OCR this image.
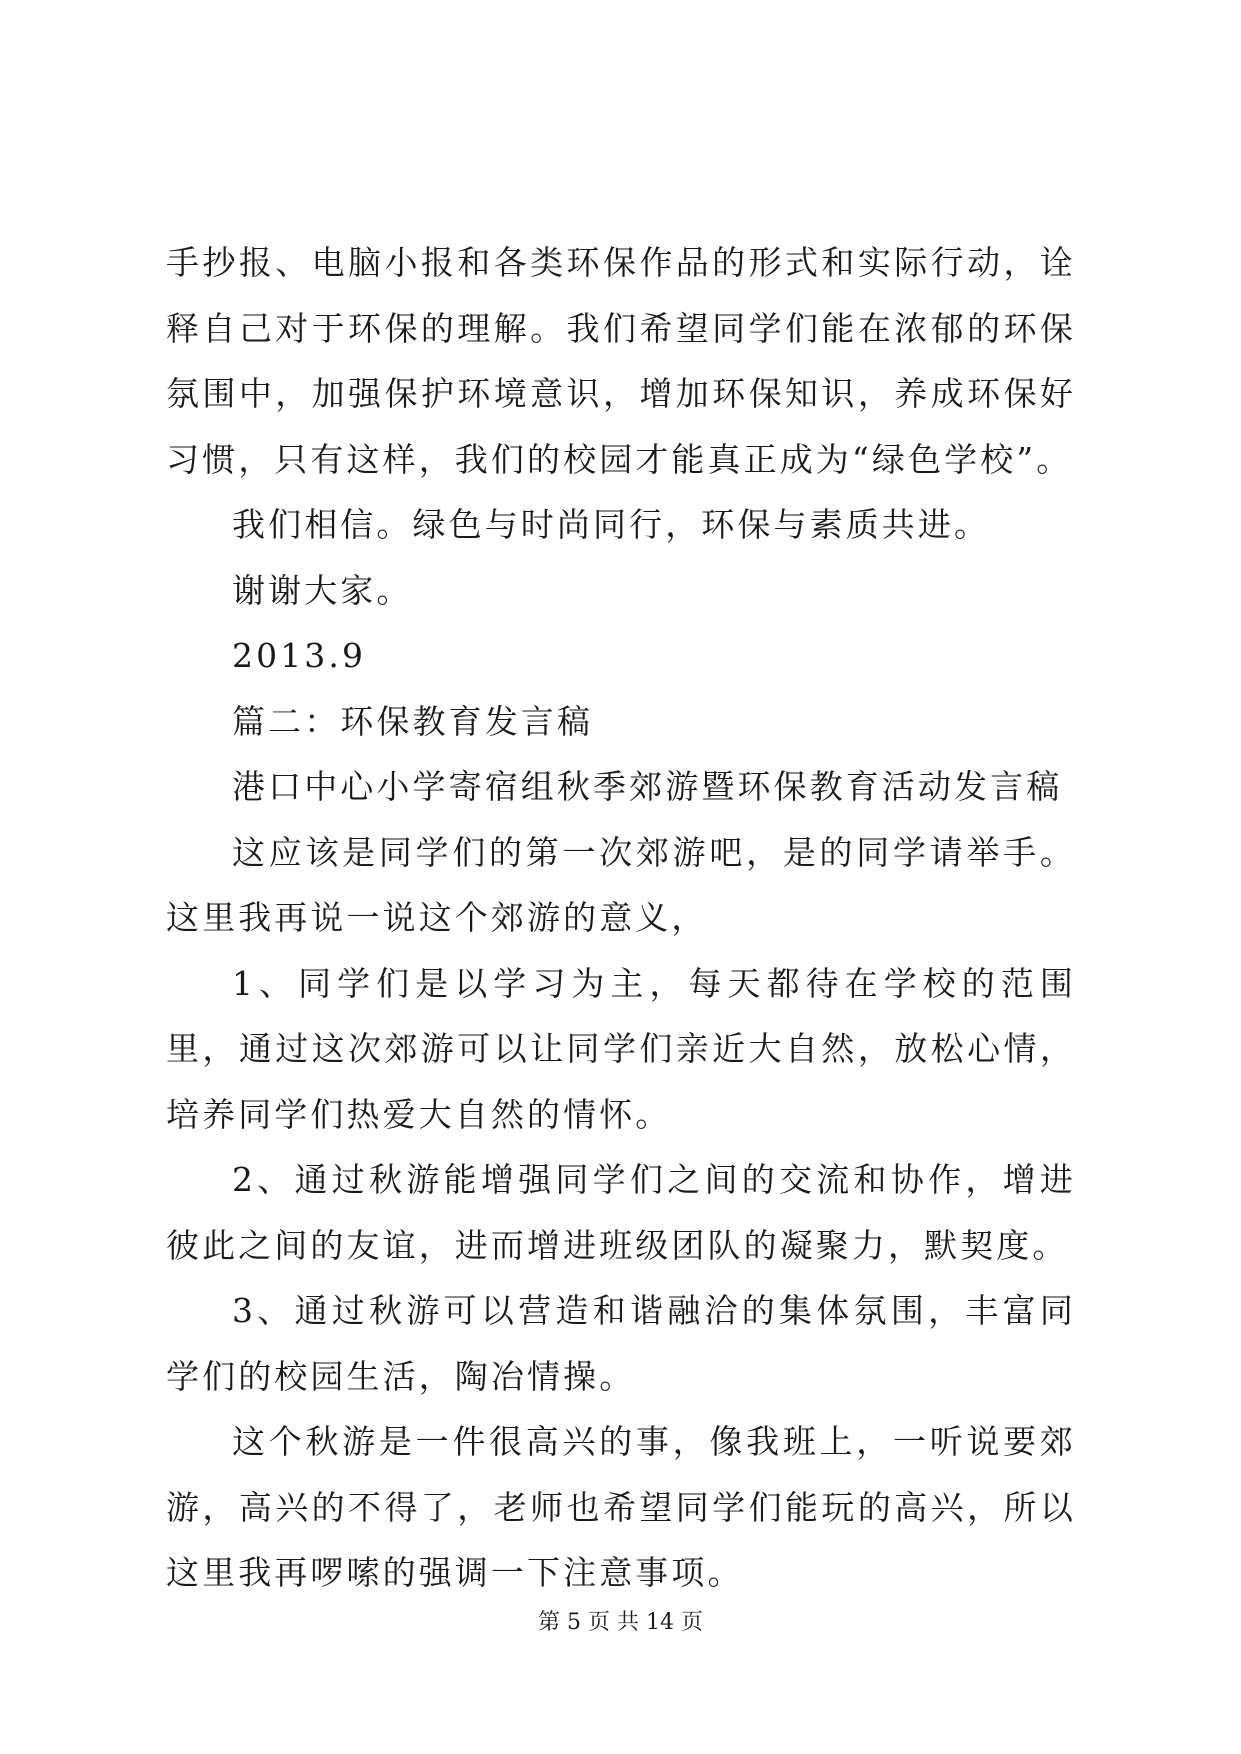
手抄报、电脑小报和各类环保作品的形式和实际行动，诠释自己对于环保的理解。我们希望同学们能在浓郁的环保氛围中，加强保护环境意识，增加环保知识，养成环保好习惯，只有这样，我们的校园才能真正成为“绿色学校”。

我们相信。绿色与时尚同行，环保与素质共进。

谢谢大家。

2013.9

篇二：环保教育发言稿

港口中心小学寄宿组秋季郊游暨环保教育活动发言稿

这应该是同学们的第一次郊游吧，是的同学请举手。这里我再说一说这个郊游的意义，

1、同学们是以学习为主，每天都待在学校的范围里，通过这次郊游可以让同学们亲近大自然，放松心情，培养同学们热爱大自然的情怀。

2、通过秋游能增强同学们之间的交流和协作，增进彼此之间的友谊，进而增进班级团队的凝聚力，默契度。

3、通过秋游可以营造和谐融洽的集体氛围，丰富同学们的校园生活，陶冶情操。

这个秋游是一件很高兴的事，像我班上，一听说要郊游，高兴的不得了，老师也希望同学们能玩的高兴，所以这里我再啰嗦的强调一下注意事项。

第 5 页 共 14 页
